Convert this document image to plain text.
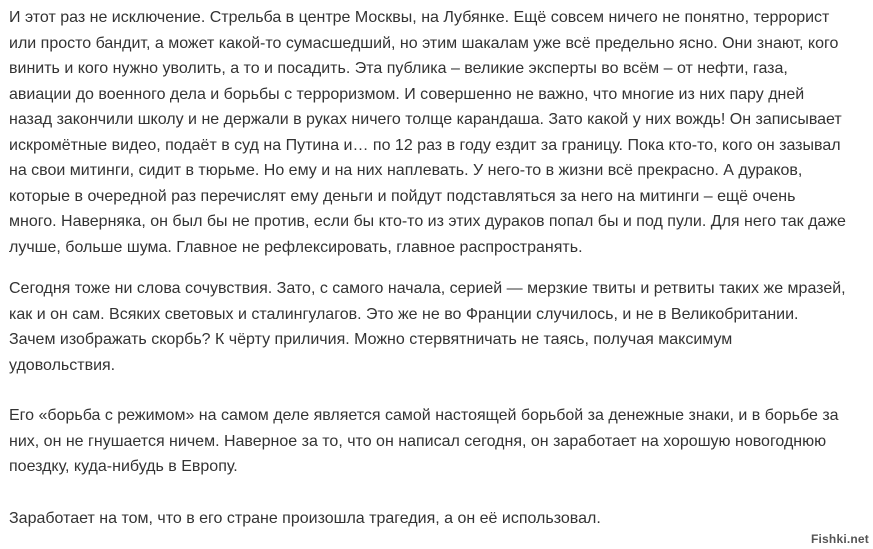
И этот раз не исключение. Стрельба в центре Москвы, на Лубянке. Ещё совсем ничего не понятно, террорист
или просто бандит, а может какой-то сумасшедший, но этим шакалам уже всё предельно ясно. Они знают, кого
винить и кого нужно уволить, а то и посадить. Эта публика – великие эксперты во всём – от нефти, газа,
авиации до военного дела и борьбы с терроризмом. И совершенно не важно, что многие из них пару дней
назад закончили школу и не держали в руках ничего толще карандаша. Зато какой у них вождь! Он записывает
искромётные видео, подаёт в суд на Путина и… по 12 раз в году ездит за границу. Пока кто-то, кого он зазывал
на свои митинги, сидит в тюрьме. Но ему и на них наплевать. У него-то в жизни всё прекрасно. А дураков,
которые в очередной раз перечислят ему деньги и пойдут подставляться за него на митинги – ещё очень
много. Наверняка, он был бы не против, если бы кто-то из этих дураков попал бы и под пули. Для него так даже
лучше, больше шума. Главное не рефлексировать, главное распространять.

Сегодня тоже ни слова сочувствия. Зато, с самого начала, серией — мерзкие твиты и ретвиты таких же мразей,
как и он сам. Всяких световых и сталингулагов. Это же не во Франции случилось, и не в Великобритании.
Зачем изображать скорбь? К чёрту приличия. Можно стервятничать не таясь, получая максимум
удовольствия.

Его «борьба с режимом» на самом деле является самой настоящей борьбой за денежные знаки, и в борьбе за
них, он не гнушается ничем. Наверное за то, что он написал сегодня, он заработает на хорошую новогоднюю
поездку, куда-нибудь в Европу.

Заработает на том, что в его стране произошла трагедия, а он её использовал.

Fishki.net
